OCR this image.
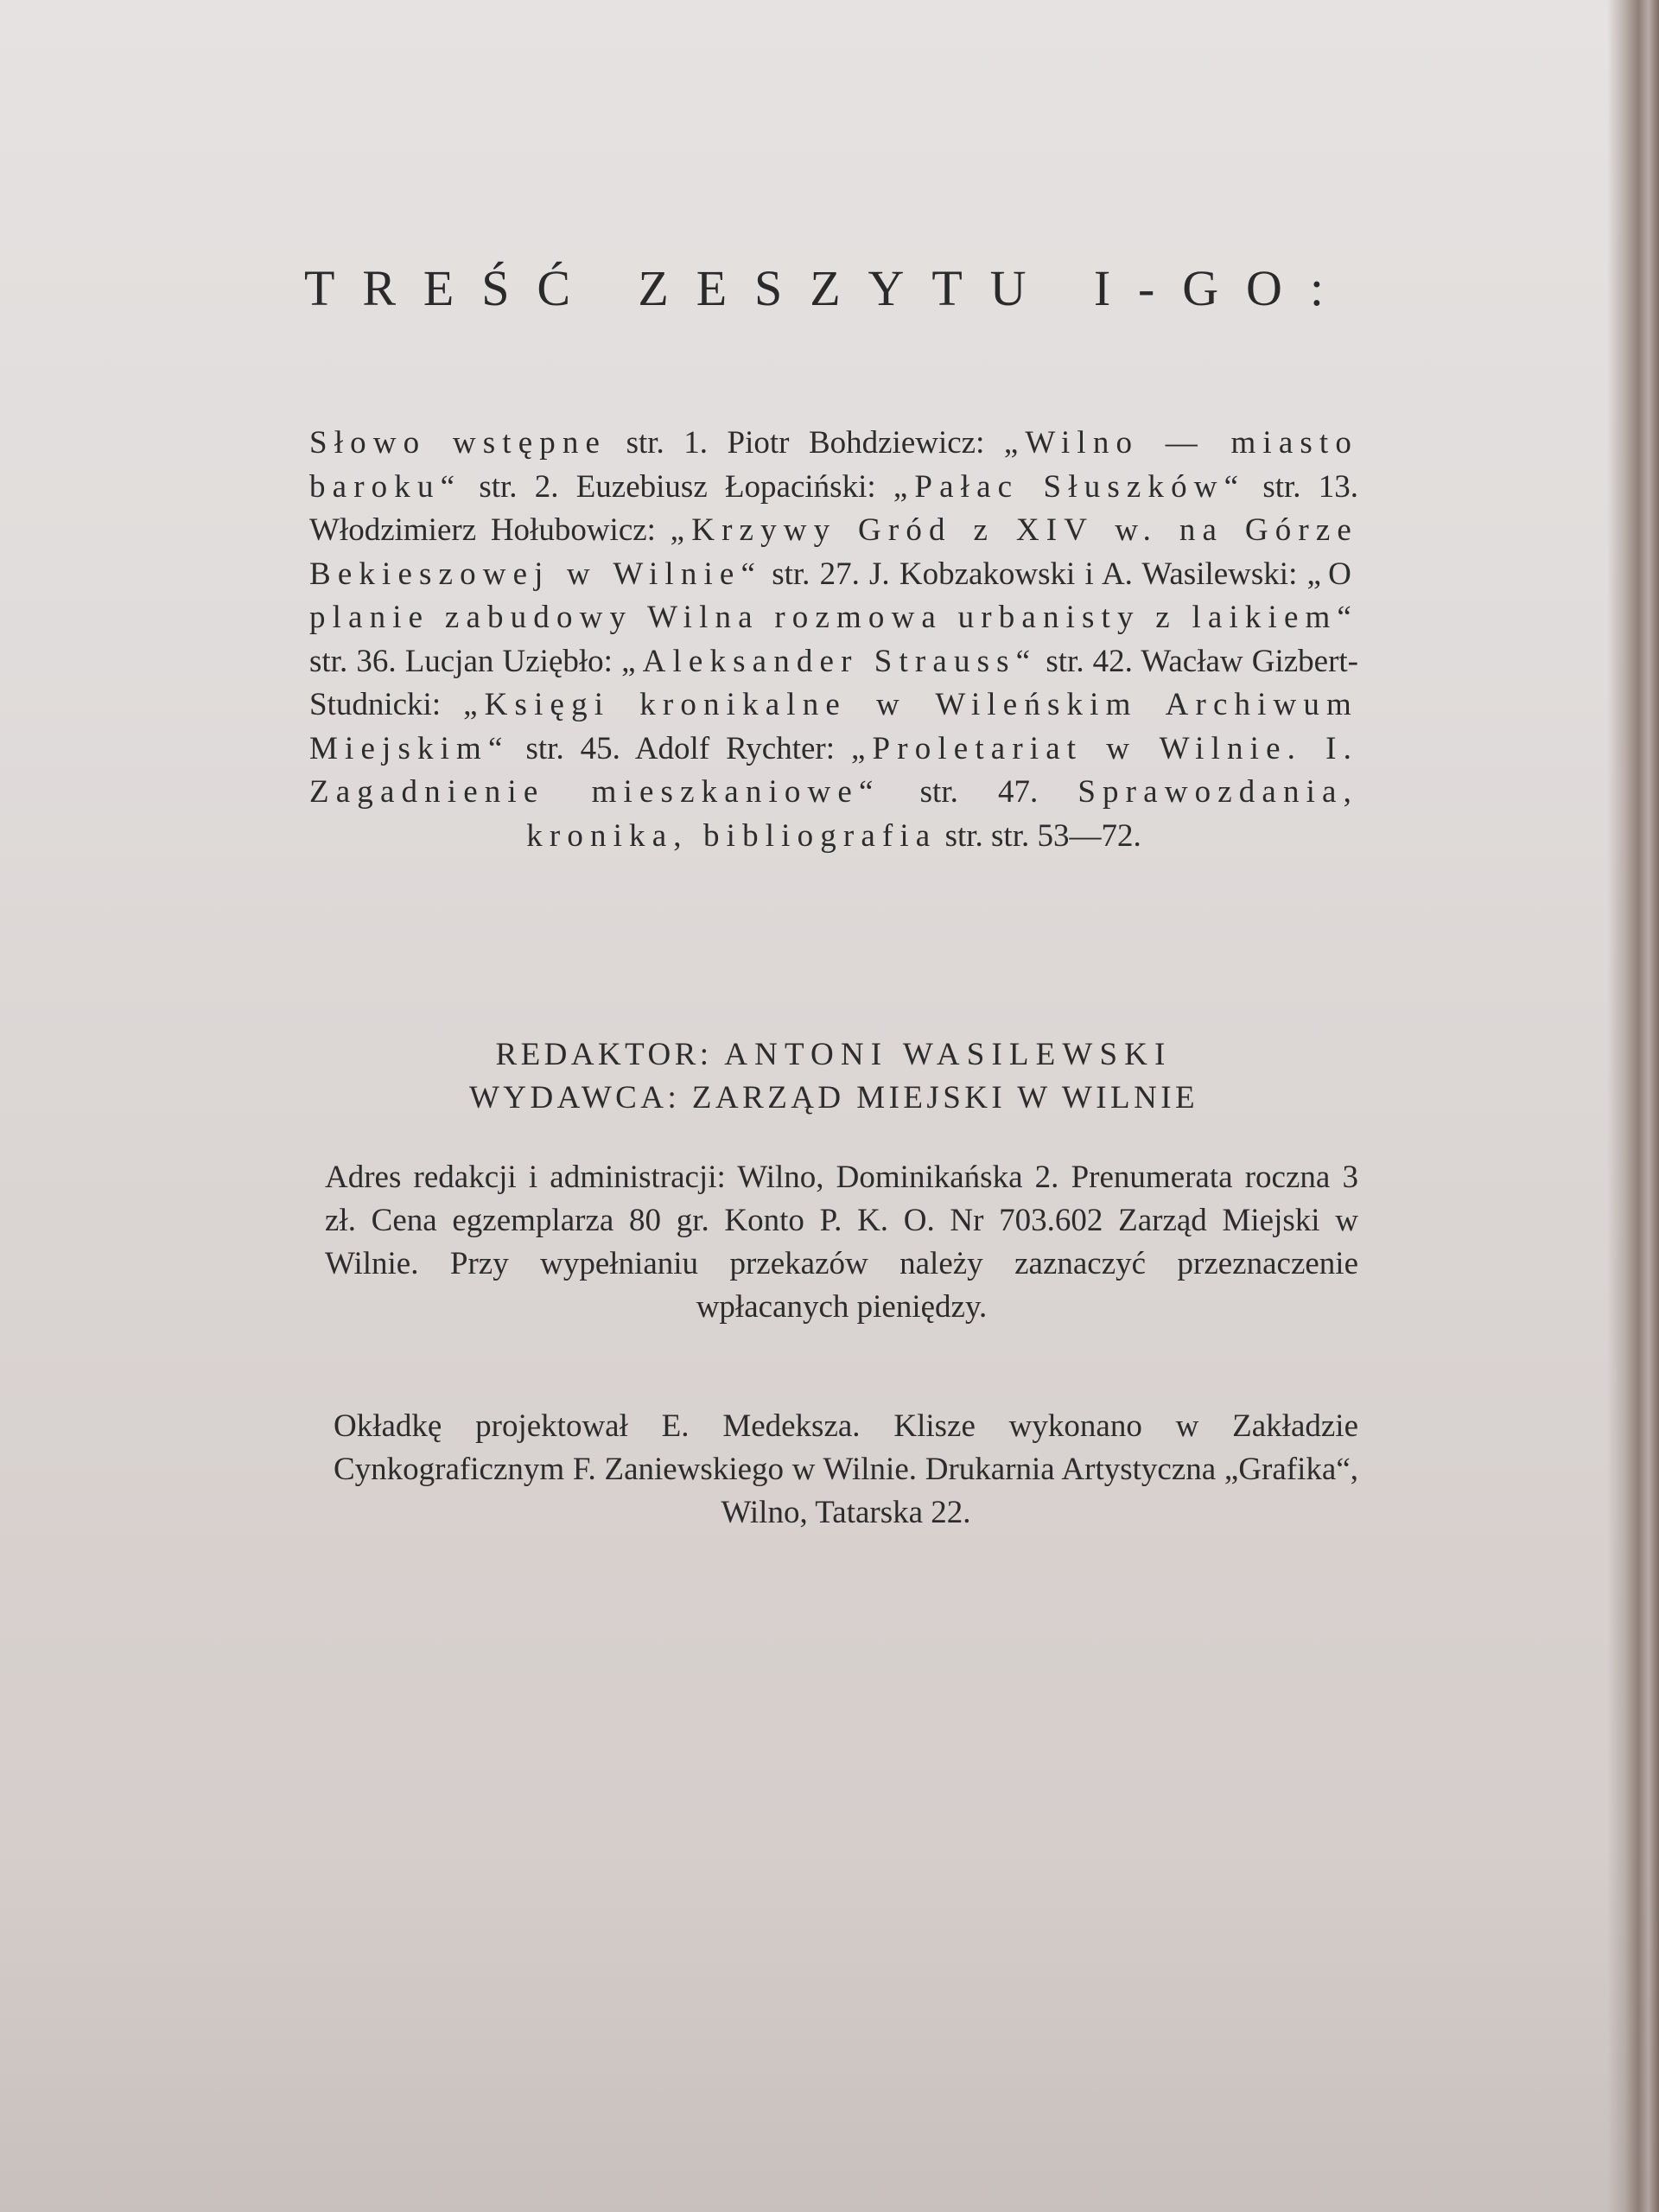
TREŚĆ ZESZYTU I-GO:

Słowo wstępne str. 1. Piotr Bohdziewicz: „Wilno — miasto baroku“ str. 2. Euzebiusz Łopaciński: „Pałac Słuszków“ str. 13. Włodzimierz Hołubowicz: „Krzywy Gród z XIV w. na Górze Bekieszowej w Wilnie“ str. 27. J. Kobzakowski i A. Wasilewski: „O planie zabudowy Wilna rozmowa urbanisty z laikiem“ str. 36. Lucjan Uziębło: „Aleksander Strauss“ str. 42. Wacław Gizbert-Studnicki: „Księgi kronikalne w Wileńskim Archiwum Miejskim“ str. 45. Adolf Rychter: „Proletariat w Wilnie. I. Zagadnienie mieszkaniowe“ str. 47. Sprawozdania, kronika, bibliografia str. str. 53—72.

REDAKTOR: ANTONI WASILEWSKI
WYDAWCA: ZARZĄD MIEJSKI W WILNIE

Adres redakcji i administracji: Wilno, Dominikańska 2. Prenumerata roczna 3 zł. Cena egzemplarza 80 gr. Konto P. K. O. Nr 703.602 Zarząd Miejski w Wilnie. Przy wypełnianiu przekazów należy zaznaczyć przeznaczenie wpłacanych pieniędzy.

Okładkę projektował E. Medeksza. Klisze wykonano w Zakładzie Cynkograficznym F. Zaniewskiego w Wilnie. Drukarnia Artystyczna „Grafika“, Wilno, Tatarska 22.
